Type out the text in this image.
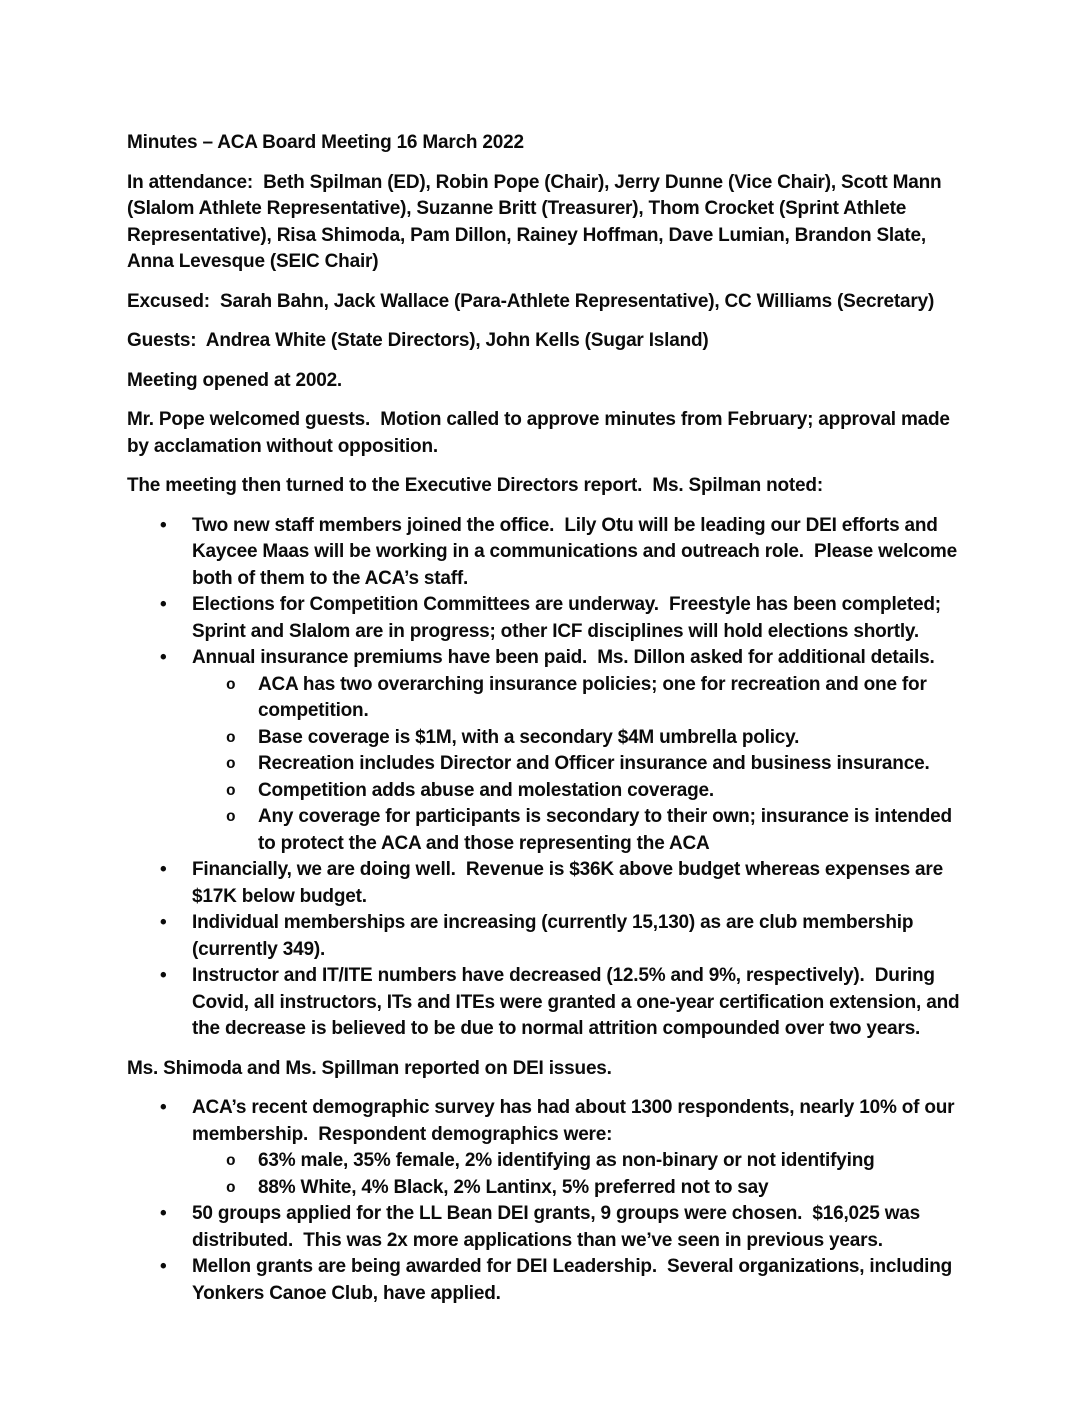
Minutes – ACA Board Meeting 16 March 2022

In attendance:  Beth Spilman (ED), Robin Pope (Chair), Jerry Dunne (Vice Chair), Scott Mann (Slalom Athlete Representative), Suzanne Britt (Treasurer), Thom Crocket (Sprint Athlete Representative), Risa Shimoda, Pam Dillon, Rainey Hoffman, Dave Lumian, Brandon Slate, Anna Levesque (SEIC Chair)

Excused:  Sarah Bahn, Jack Wallace (Para-Athlete Representative), CC Williams (Secretary)

Guests:  Andrea White (State Directors), John Kells (Sugar Island)

Meeting opened at 2002.

Mr. Pope welcomed guests.  Motion called to approve minutes from February; approval made by acclamation without opposition.

The meeting then turned to the Executive Directors report.  Ms. Spilman noted:

•	Two new staff members joined the office.  Lily Otu will be leading our DEI efforts and Kaycee Maas will be working in a communications and outreach role.  Please welcome both of them to the ACA’s staff.
•	Elections for Competition Committees are underway.  Freestyle has been completed; Sprint and Slalom are in progress; other ICF disciplines will hold elections shortly.
•	Annual insurance premiums have been paid.  Ms. Dillon asked for additional details.
o	ACA has two overarching insurance policies; one for recreation and one for competition.
o	Base coverage is $1M, with a secondary $4M umbrella policy.
o	Recreation includes Director and Officer insurance and business insurance.
o	Competition adds abuse and molestation coverage.
o	Any coverage for participants is secondary to their own; insurance is intended to protect the ACA and those representing the ACA
•	Financially, we are doing well.  Revenue is $36K above budget whereas expenses are $17K below budget.
•	Individual memberships are increasing (currently 15,130) as are club membership (currently 349).
•	Instructor and IT/ITE numbers have decreased (12.5% and 9%, respectively).  During Covid, all instructors, ITs and ITEs were granted a one-year certification extension, and the decrease is believed to be due to normal attrition compounded over two years.

Ms. Shimoda and Ms. Spillman reported on DEI issues.

•	ACA’s recent demographic survey has had about 1300 respondents, nearly 10% of our membership.  Respondent demographics were:
o	63% male, 35% female, 2% identifying as non-binary or not identifying
o	88% White, 4% Black, 2% Lantinx, 5% preferred not to say
•	50 groups applied for the LL Bean DEI grants, 9 groups were chosen.  $16,025 was distributed.  This was 2x more applications than we’ve seen in previous years.
•	Mellon grants are being awarded for DEI Leadership.  Several organizations, including Yonkers Canoe Club, have applied.
